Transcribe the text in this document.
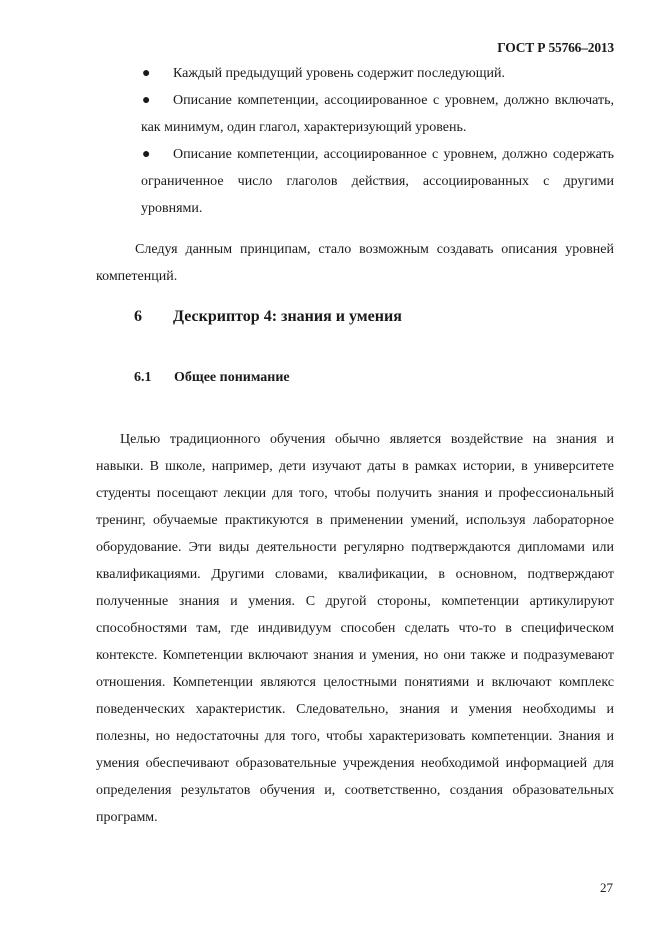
ГОСТ Р 55766–2013
●	Каждый предыдущий уровень содержит последующий.
●	Описание компетенции, ассоциированное с уровнем, должно включать, как минимум, один глагол, характеризующий уровень.
●	Описание компетенции, ассоциированное с уровнем, должно содержать ограниченное число глаголов действия, ассоциированных с другими уровнями.

Следуя данным принципам, стало возможным создавать описания уровней компетенций.

6	Дескриптор 4: знания и умения
6.1	Общее понимание

Целью традиционного обучения обычно является воздействие на знания и навыки. В школе, например, дети изучают даты в рамках истории, в университете студенты посещают лекции для того, чтобы получить знания и профессиональный тренинг, обучаемые практикуются в применении умений, используя лабораторное оборудование. Эти виды деятельности регулярно подтверждаются дипломами или квалификациями. Другими словами, квалификации, в основном, подтверждают полученные знания и умения. С другой стороны, компетенции артикулируют способностями там, где индивидуум способен сделать что-то в специфическом контексте. Компетенции включают знания и умения, но они также и подразумевают отношения. Компетенции являются целостными понятиями и включают комплекс поведенческих характеристик. Следовательно, знания и умения необходимы и полезны, но недостаточны для того, чтобы характеризовать компетенции. Знания и умения обеспечивают образовательные учреждения необходимой информацией для определения результатов обучения и, соответственно, создания образовательных программ.

27
